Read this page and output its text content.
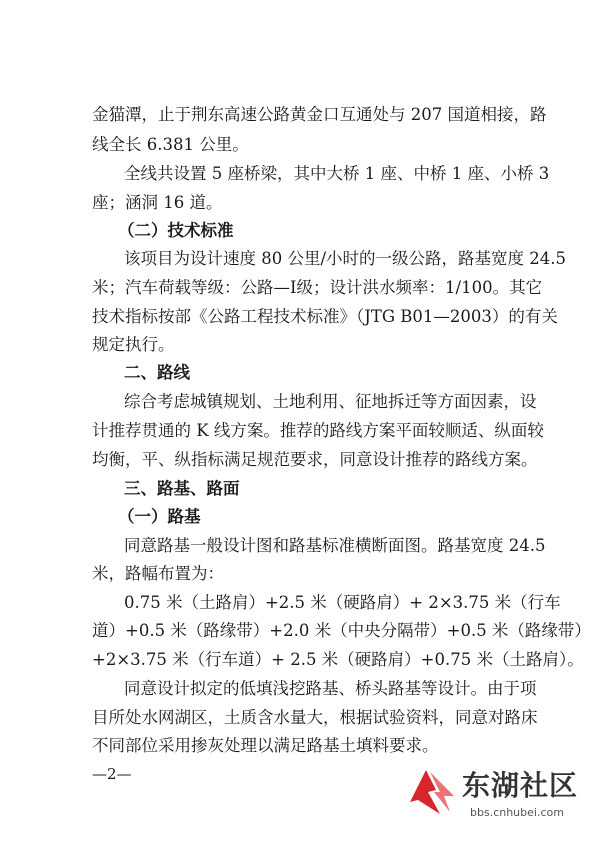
金猫潭，止于荆东高速公路黄金口互通处与 207 国道相接，路
线全长 6.381 公里。
全线共设置 5 座桥梁，其中大桥 1 座、中桥 1 座、小桥 3
座；涵洞 16 道。
（二）技术标准
该项目为设计速度 80 公里/小时的一级公路，路基宽度 24.5
米；汽车荷载等级：公路—Ⅰ级；设计洪水频率：1/100。其它
技术指标按部《公路工程技术标准》（JTG B01—2003）的有关
规定执行。
二、路线
综合考虑城镇规划、土地利用、征地拆迁等方面因素，设
计推荐贯通的 K 线方案。推荐的路线方案平面较顺适、纵面较
均衡，平、纵指标满足规范要求，同意设计推荐的路线方案。
三、路基、路面
（一）路基
同意路基一般设计图和路基标准横断面图。路基宽度 24.5
米，路幅布置为：
0.75 米（土路肩）+2.5 米（硬路肩）+ 2×3.75 米（行车
道）+0.5 米（路缘带）+2.0 米（中央分隔带）+0.5 米（路缘带）
+2×3.75 米（行车道）+ 2.5 米（硬路肩）+0.75 米（土路肩）。
同意设计拟定的低填浅挖路基、桥头路基等设计。由于项
目所处水网湖区，土质含水量大，根据试验资料，同意对路床
不同部位采用掺灰处理以满足路基土填料要求。
—2—	东湖社区
bbs.cnhubei.com
